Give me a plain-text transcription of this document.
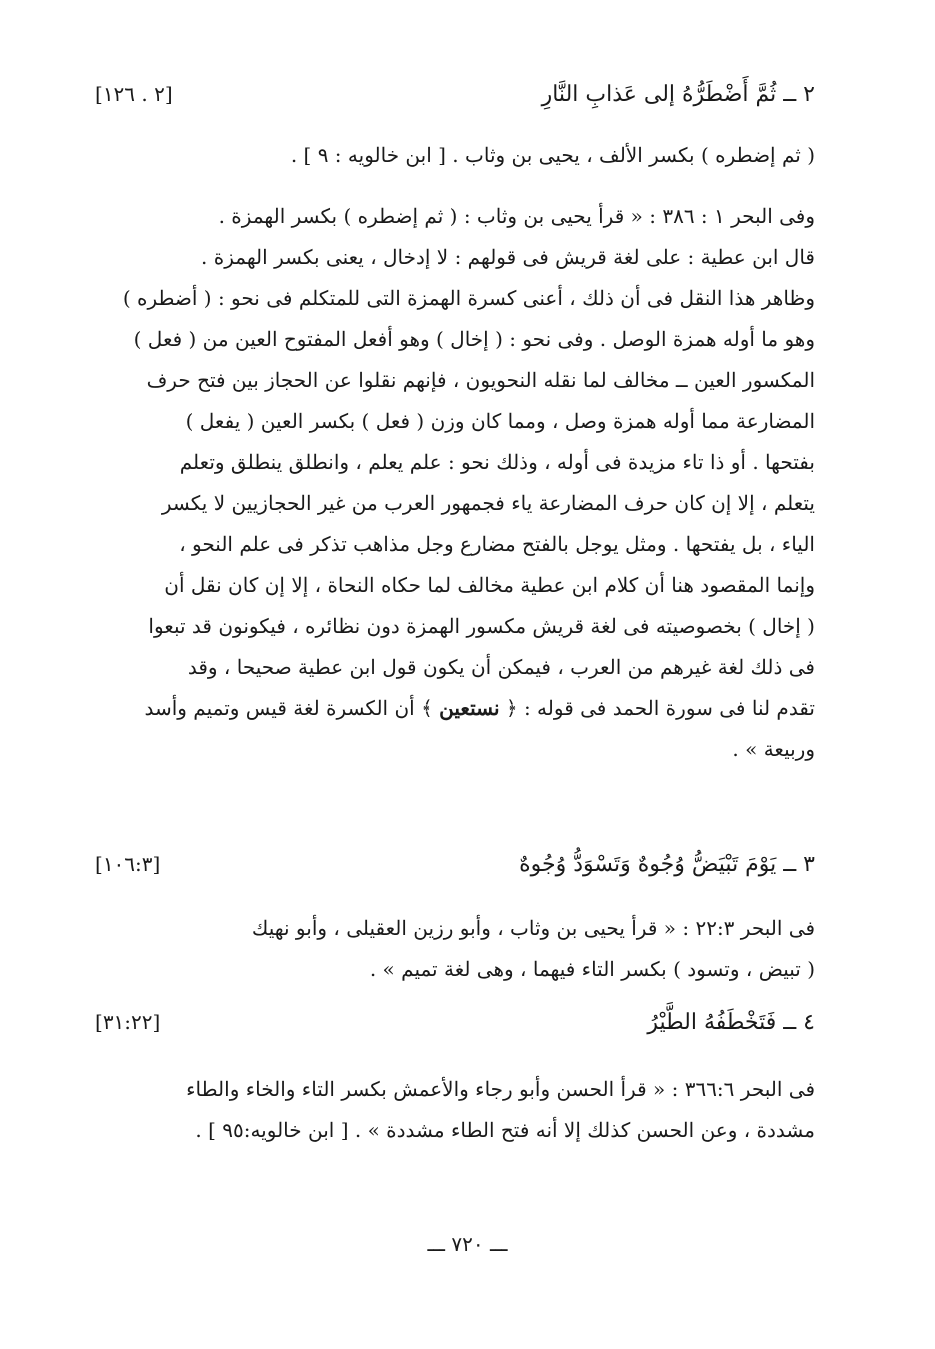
٢ ــ ثُمَّ أَضْطَرُّهُ إلى عَذابِ النَّارِ
[٢ . ١٢٦]
( ثم إضطره ) بكسر الألف ، يحيى بن وثاب . [ ابن خالويه : ٩ ] .
وفى البحر ١ : ٣٨٦ : « قرأ يحيى بن وثاب : ( ثم إضطره ) بكسر الهمزة .
قال ابن عطية : على لغة قريش فى قولهم : لا إدخال ، يعنى بكسر الهمزة .
وظاهر هذا النقل فى أن ذلك ، أعنى كسرة الهمزة التى للمتكلم فى نحو : ( أضطره )
وهو ما أوله همزة الوصل . وفى نحو : ( إخال ) وهو أفعل المفتوح العين من ( فعل )
المكسور العين ــ مخالف لما نقله النحويون ، فإنهم نقلوا عن الحجاز بين فتح حرف
المضارعة مما أوله همزة وصل ، ومما كان وزن ( فعل ) بكسر العين ( يفعل )
بفتحها . أو ذا تاء مزيدة فى أوله ، وذلك نحو : علم يعلم ، وانطلق ينطلق وتعلم
يتعلم ، إلا إن كان حرف المضارعة ياء فجمهور العرب من غير الحجازيين لا يكسر
الياء ، بل يفتحها . ومثل يوجل بالفتح مضارع وجل مذاهب تذكر فى علم النحو ،
وإنما المقصود هنا أن كلام ابن عطية مخالف لما حكاه النحاة ، إلا إن كان نقل أن
( إخال ) بخصوصيته فى لغة قريش مكسور الهمزة دون نظائره ، فيكونون قد تبعوا
فى ذلك لغة غيرهم من العرب ، فيمكن أن يكون قول ابن عطية صحيحا ، وقد
تقدم لنا فى سورة الحمد فى قوله : ﴿ نستعين ﴾ أن الكسرة لغة قيس وتميم وأسد
وربيعة » .
٣ ــ يَوْمَ تَبْيَضُّ وُجُوهٌ وَتَسْوَدُّ وُجُوهٌ
[١٠٦:٣]
فى البحر ٢٢:٣ : « قرأ يحيى بن وثاب ، وأبو رزين العقيلى ، وأبو نهيك
( تبيض ، وتسود ) بكسر التاء فيهما ، وهى لغة تميم » .
٤ ــ فَتَخْطَفُهُ الطَّيْرُ
[٣١:٢٢]
فى البحر ٣٦٦:٦ : « قرأ الحسن وأبو رجاء والأعمش بكسر التاء والخاء والطاء
مشددة ، وعن الحسن كذلك إلا أنه فتح الطاء مشددة » . [ ابن خالويه:٩٥ ] .
ـــ ٧٢٠ ـــ
